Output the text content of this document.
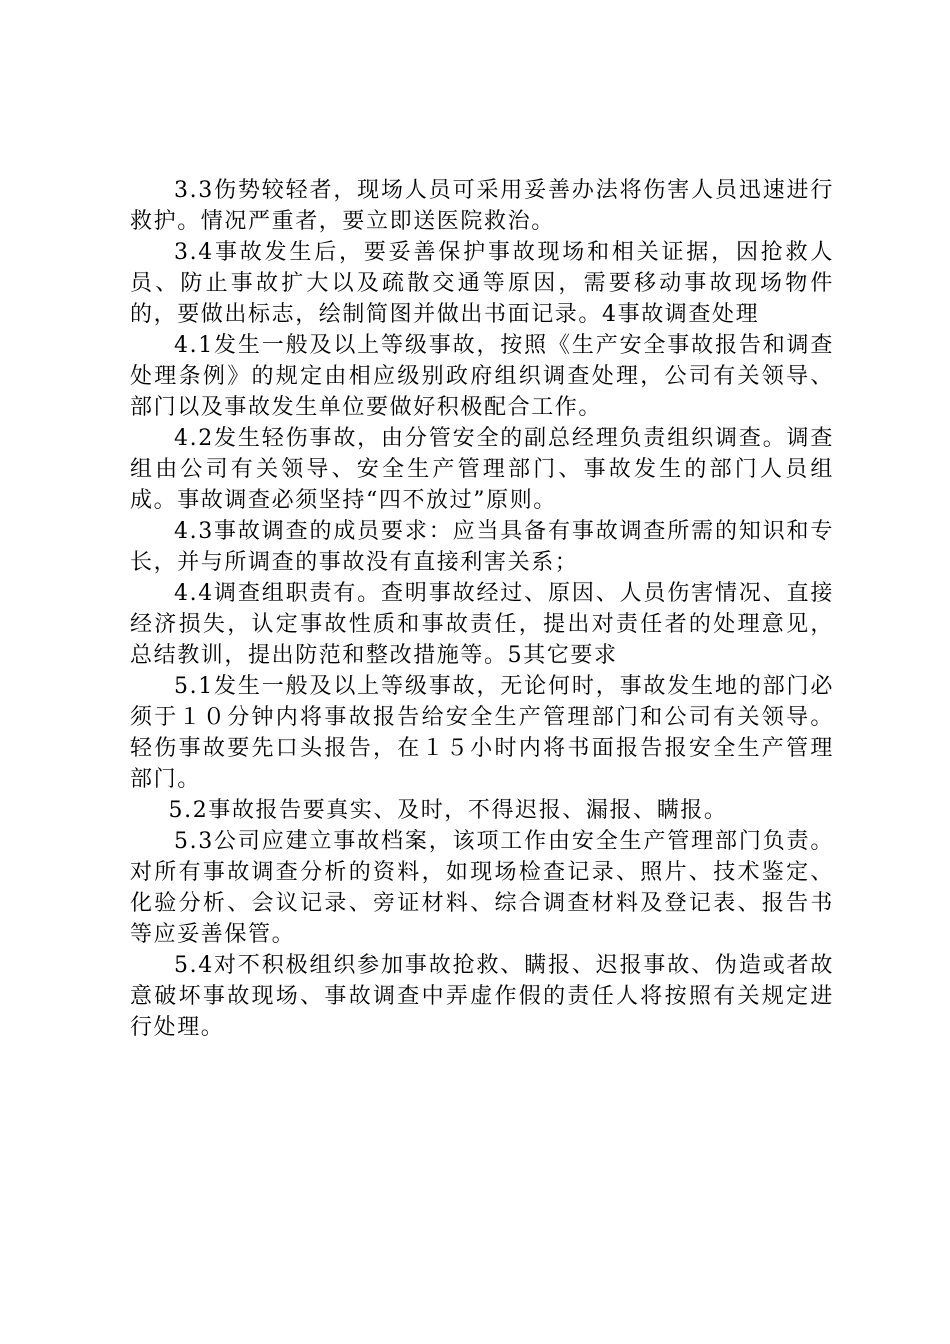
3.3伤势较轻者，现场人员可采用妥善办法将伤害人员迅速进行救护。情况严重者，要立即送医院救治。

3.4事故发生后，要妥善保护事故现场和相关证据，因抢救人员、防止事故扩大以及疏散交通等原因，需要移动事故现场物件的，要做出标志，绘制简图并做出书面记录。4事故调查处理

4.1发生一般及以上等级事故，按照《生产安全事故报告和调查处理条例》的规定由相应级别政府组织调查处理，公司有关领导、部门以及事故发生单位要做好积极配合工作。

4.2发生轻伤事故，由分管安全的副总经理负责组织调查。调查组由公司有关领导、安全生产管理部门、事故发生的部门人员组成。事故调查必须坚持“四不放过”原则。

4.3事故调查的成员要求：应当具备有事故调查所需的知识和专长，并与所调查的事故没有直接利害关系；

4.4调查组职责有。查明事故经过、原因、人员伤害情况、直接经济损失，认定事故性质和事故责任，提出对责任者的处理意见，总结教训，提出防范和整改措施等。5其它要求

5.1发生一般及以上等级事故，无论何时，事故发生地的部门必须于１０分钟内将事故报告给安全生产管理部门和公司有关领导。轻伤事故要先口头报告，在１５小时内将书面报告报安全生产管理部门。

5.2事故报告要真实、及时，不得迟报、漏报、瞒报。

5.3公司应建立事故档案，该项工作由安全生产管理部门负责。对所有事故调查分析的资料，如现场检查记录、照片、技术鉴定、化验分析、会议记录、旁证材料、综合调查材料及登记表、报告书等应妥善保管。

5.4对不积极组织参加事故抢救、瞒报、迟报事故、伪造或者故意破坏事故现场、事故调查中弄虚作假的责任人将按照有关规定进行处理。
